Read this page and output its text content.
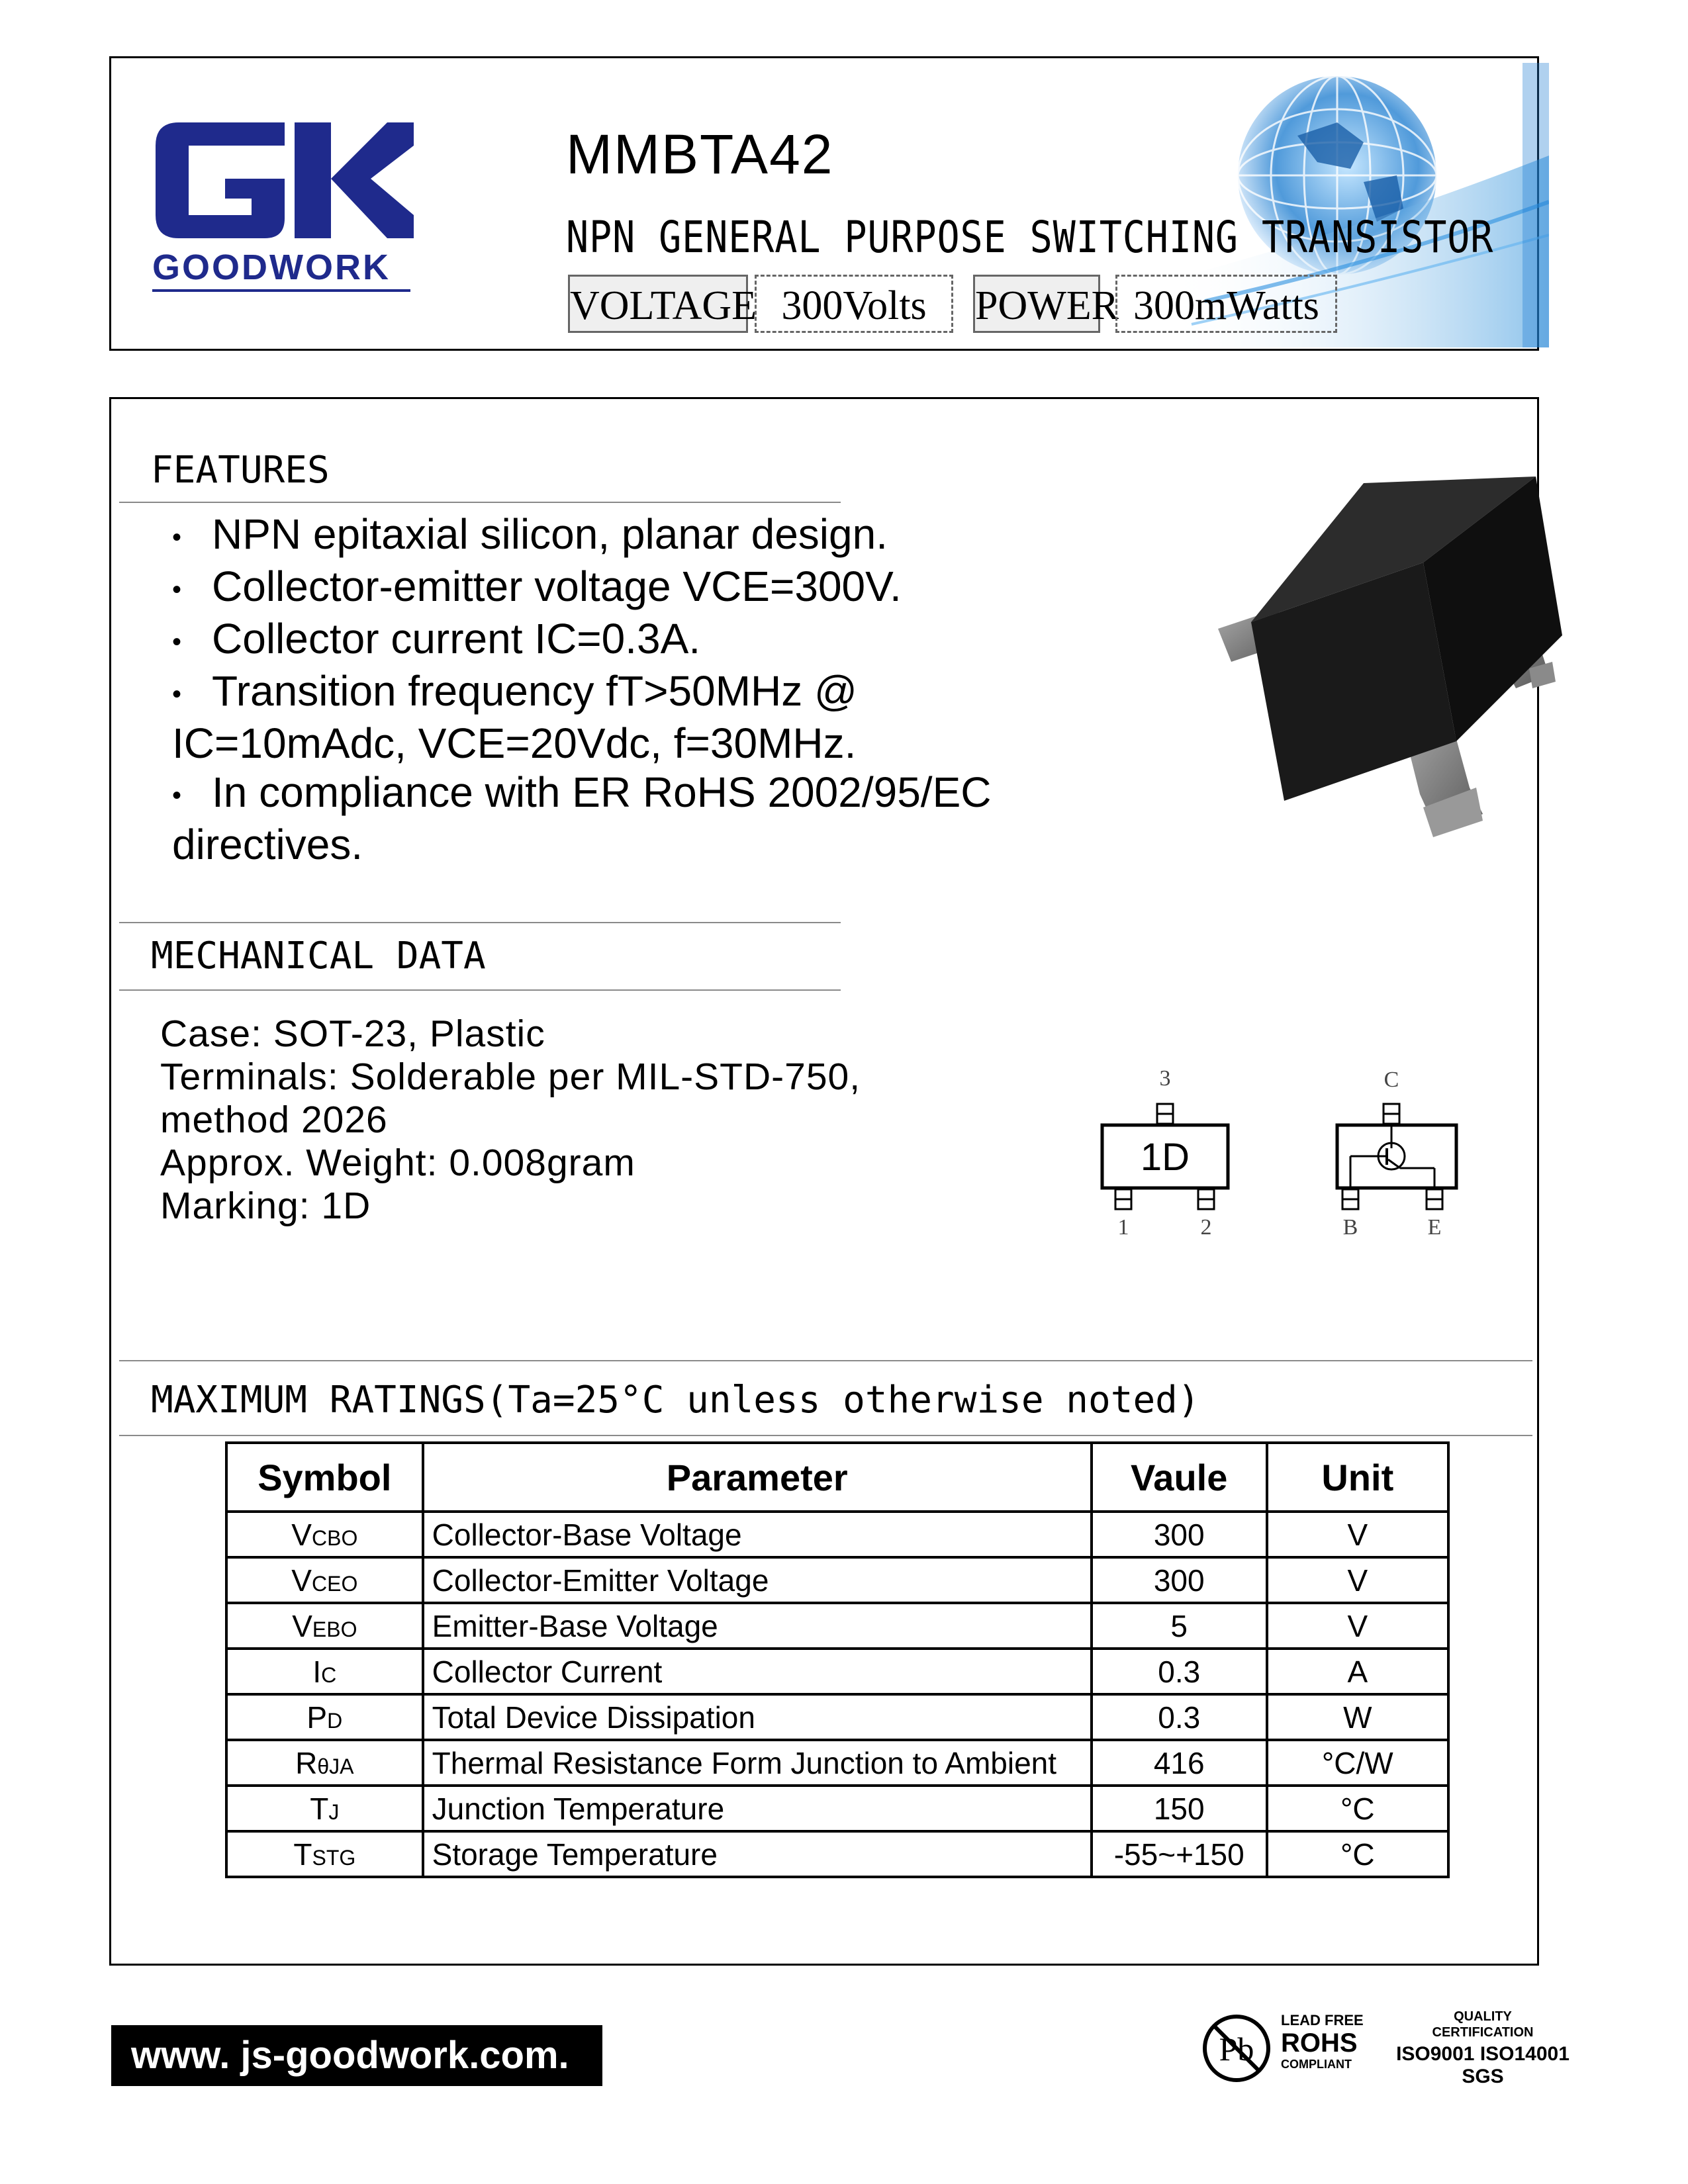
GOODWORK
MMBTA42
NPN GENERAL PURPOSE SWITCHING TRANSISTOR
VOLTAGE 300Volts	POWER 300mWatts
FEATURES
• NPN epitaxial silicon, planar design.
• Collector-emitter voltage VCE=300V.
• Collector current IC=0.3A.
• Transition frequency fT>50MHz @
IC=10mAdc, VCE=20Vdc, f=30MHz.
• In compliance with ER RoHS 2002/95/EC
directives.
MECHANICAL DATA
Case: SOT-23, Plastic
Terminals: Solderable per MIL-STD-750,
method 2026
Approx. Weight: 0.008gram
Marking: 1D
1D
3
1	2
C
B	E
MAXIMUM RATINGS(Ta=25°C unless otherwise noted)
Symbol	Parameter	Vaule	Unit
VCBO	Collector-Base Voltage	300	V
VCEO	Collector-Emitter Voltage	300	V
VEBO	Emitter-Base Voltage	5	V
IC	Collector Current	0.3	A
PD	Total Device Dissipation	0.3	W
RθJA	Thermal Resistance Form Junction to Ambient	416	°C/W
TJ	Junction Temperature	150	°C
TSTG	Storage Temperature	-55~+150	°C
www. js-goodwork.com.	Pb
LEAD FREE
ROHS
COMPLIANT
QUALITY
CERTIFICATION
ISO9001 ISO14001
SGS
